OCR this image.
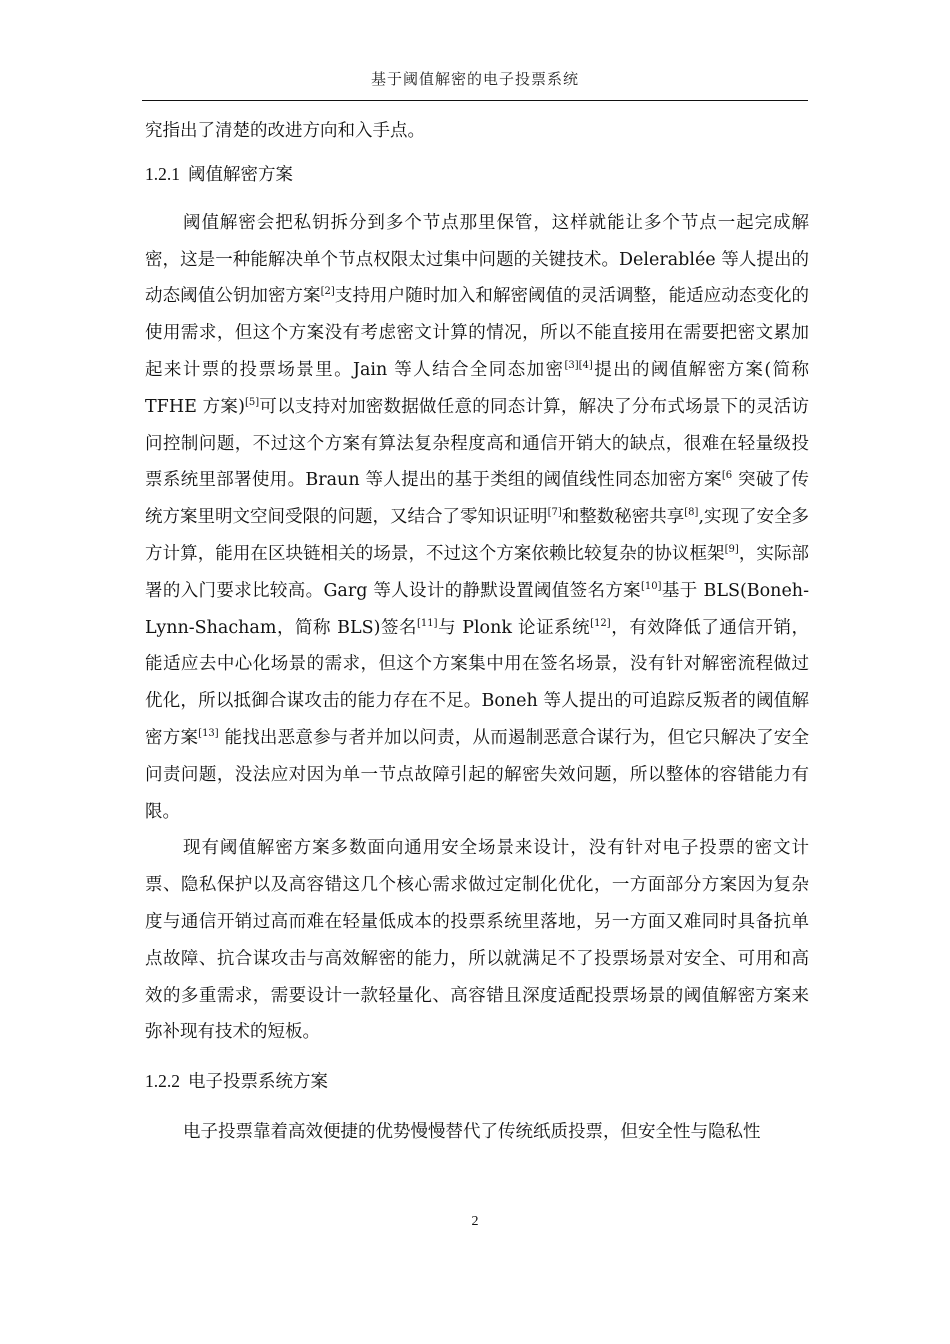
基于阈值解密的电子投票系统

究指出了清楚的改进方向和入手点。

1.2.1 阈值解密方案

阈值解密会把私钥拆分到多个节点那里保管，这样就能让多个节点一起完成解密，这是一种能解决单个节点权限太过集中问题的关键技术。Delerablée 等人提出的动态阈值公钥加密方案[2]支持用户随时加入和解密阈值的灵活调整，能适应动态变化的使用需求，但这个方案没有考虑密文计算的情况，所以不能直接用在需要把密文累加起来计票的投票场景里。Jain 等人结合全同态加密[3][4]提出的阈值解密方案(简称 TFHE 方案)[5]可以支持对加密数据做任意的同态计算，解决了分布式场景下的灵活访问控制问题，不过这个方案有算法复杂程度高和通信开销大的缺点，很难在轻量级投票系统里部署使用。Braun 等人提出的基于类组的阈值线性同态加密方案$^{[6}$ 突破了传统方案里明文空间受限的问题，又结合了零知识证明[7]和整数秘密共享[8],实现了安全多方计算，能用在区块链相关的场景，不过这个方案依赖比较复杂的协议框架[9]，实际部署的入门要求比较高。Garg 等人设计的静默设置阈值签名方案[10]基于 BLS(Boneh-Lynn-Shacham，简称 BLS)签名[11]与 Plonk 论证系统[12]，有效降低了通信开销，能适应去中心化场景的需求，但这个方案集中用在签名场景，没有针对解密流程做过优化，所以抵御合谋攻击的能力存在不足。Boneh 等人提出的可追踪反叛者的阈值解密方案[13] 能找出恶意参与者并加以问责，从而遏制恶意合谋行为，但它只解决了安全问责问题，没法应对因为单一节点故障引起的解密失效问题，所以整体的容错能力有限。

现有阈值解密方案多数面向通用安全场景来设计，没有针对电子投票的密文计票、隐私保护以及高容错这几个核心需求做过定制化优化，一方面部分方案因为复杂度与通信开销过高而难在轻量低成本的投票系统里落地，另一方面又难同时具备抗单点故障、抗合谋攻击与高效解密的能力，所以就满足不了投票场景对安全、可用和高效的多重需求，需要设计一款轻量化、高容错且深度适配投票场景的阈值解密方案来弥补现有技术的短板。

1.2.2 电子投票系统方案

电子投票靠着高效便捷的优势慢慢替代了传统纸质投票，但安全性与隐私性

2
